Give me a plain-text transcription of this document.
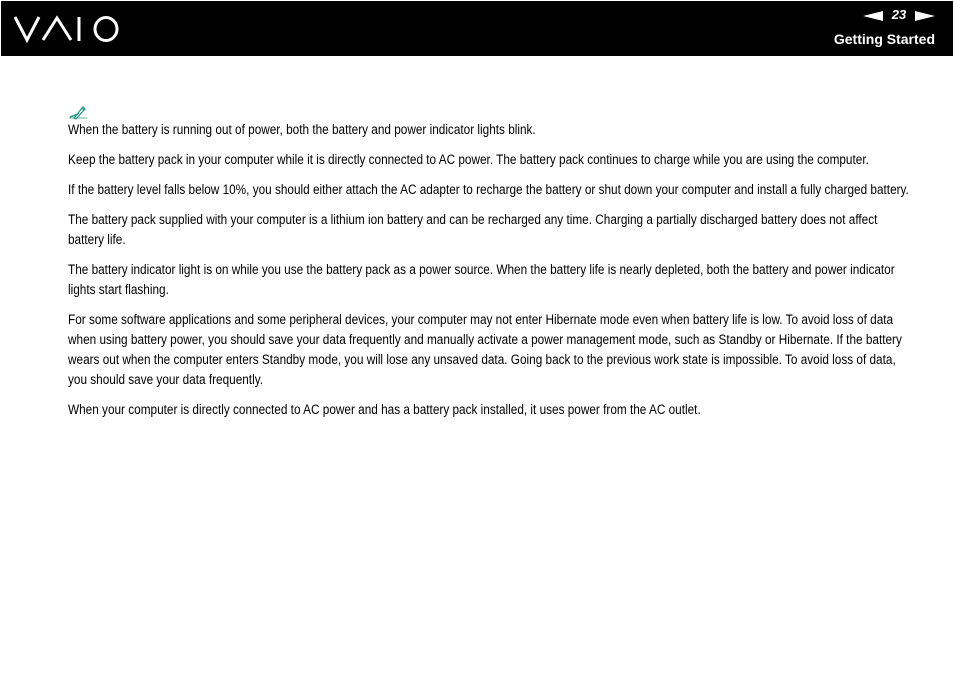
23
Getting Started

When the battery is running out of power, both the battery and power indicator lights blink.

Keep the battery pack in your computer while it is directly connected to AC power. The battery pack continues to charge while you are using the computer.

If the battery level falls below 10%, you should either attach the AC adapter to recharge the battery or shut down your computer and install a fully charged battery.

The battery pack supplied with your computer is a lithium ion battery and can be recharged any time. Charging a partially discharged battery does not affect battery life.

The battery indicator light is on while you use the battery pack as a power source. When the battery life is nearly depleted, both the battery and power indicator lights start flashing.

For some software applications and some peripheral devices, your computer may not enter Hibernate mode even when battery life is low. To avoid loss of data when using battery power, you should save your data frequently and manually activate a power management mode, such as Standby or Hibernate. If the battery wears out when the computer enters Standby mode, you will lose any unsaved data. Going back to the previous work state is impossible. To avoid loss of data, you should save your data frequently.

When your computer is directly connected to AC power and has a battery pack installed, it uses power from the AC outlet.
